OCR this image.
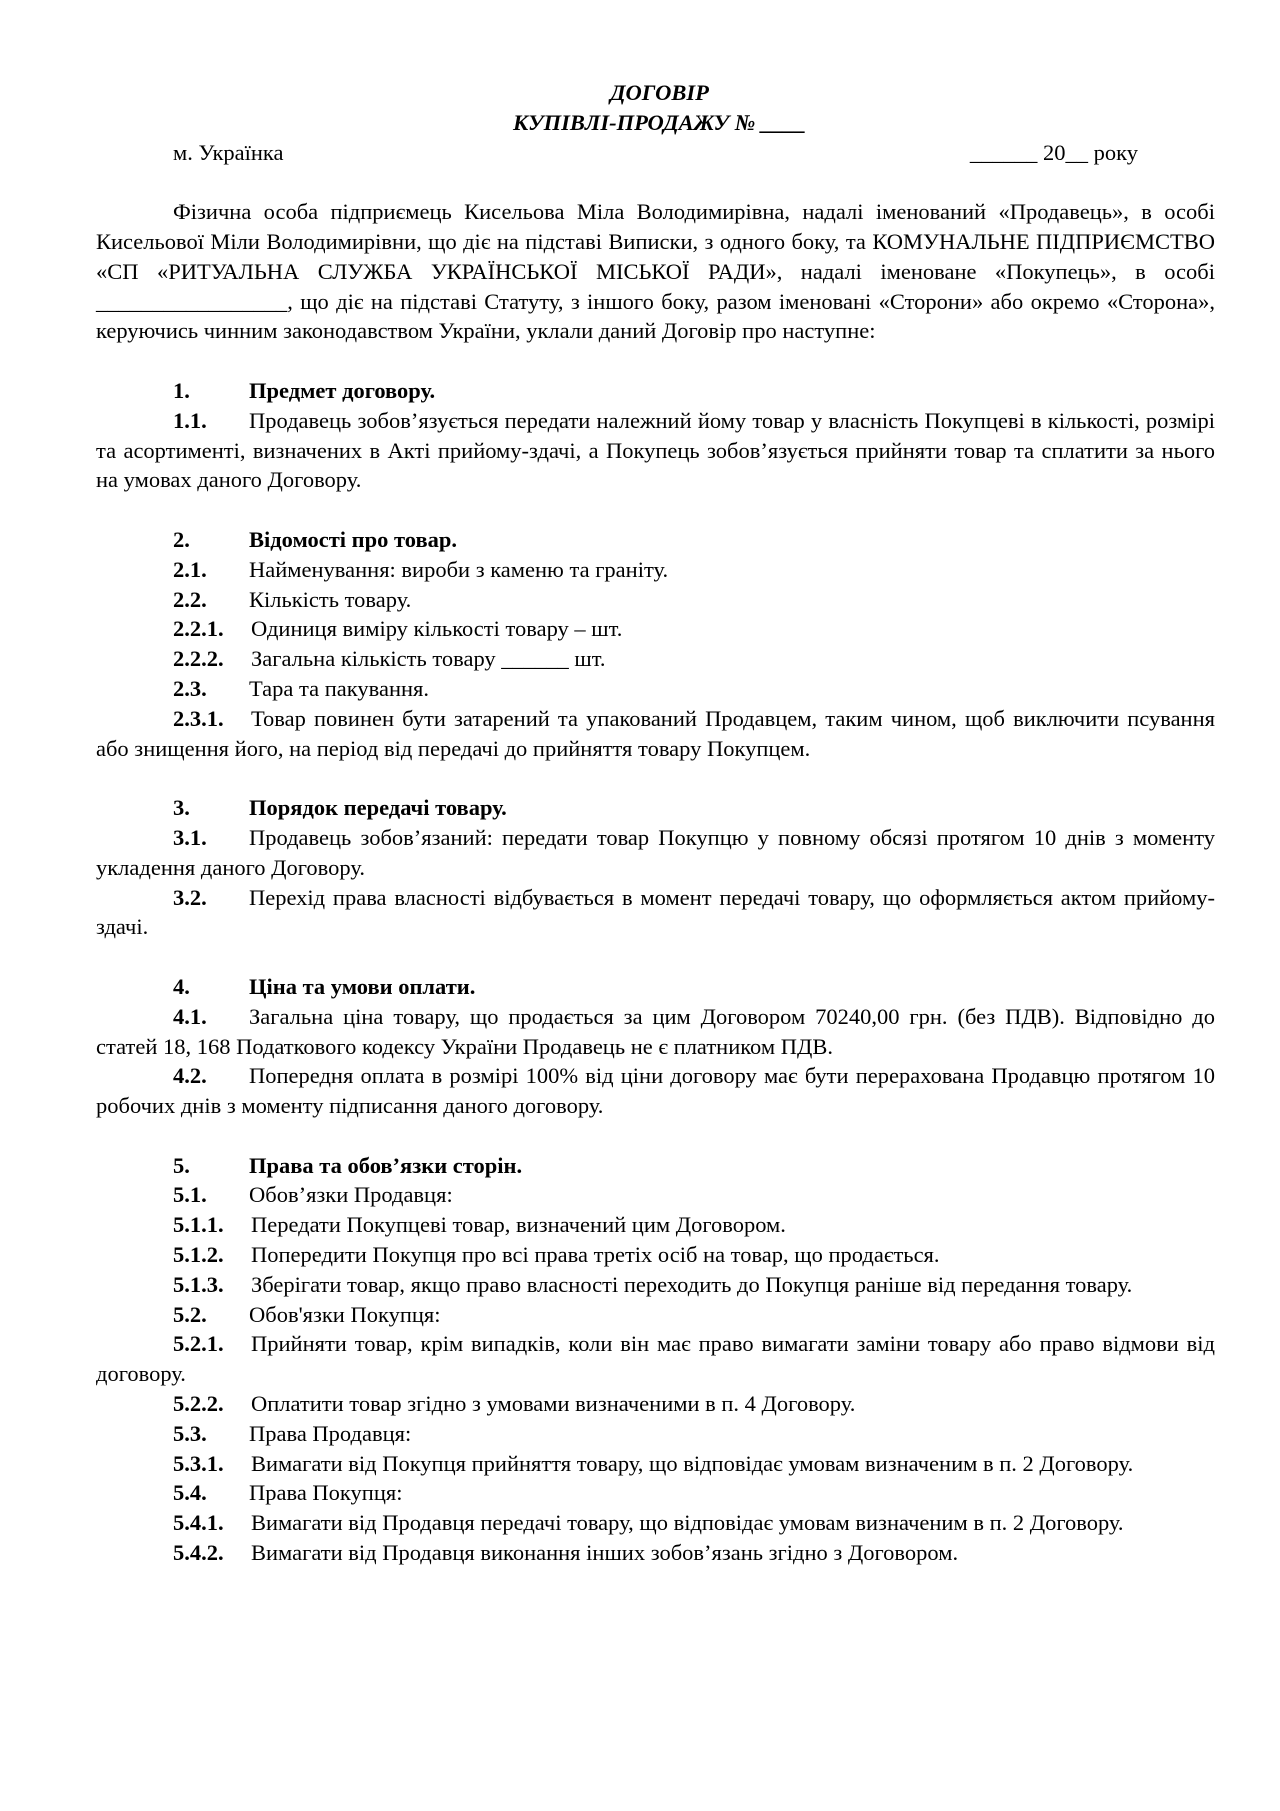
ДОГОВІР
КУПІВЛІ-ПРОДАЖУ № ____
м. Українка	______ 20__ року

Фізична особа підприємець Кисельова Міла Володимирівна, надалі іменований «Продавець», в особі Кисельової Міли Володимирівни, що діє на підставі Виписки, з одного боку, та КОМУНАЛЬНЕ ПІДПРИЄМСТВО «СП «РИТУАЛЬНА СЛУЖБА УКРАЇНСЬКОЇ МІСЬКОЇ РАДИ», надалі іменоване «Покупець», в особі _________________, що діє на підставі Статуту, з іншого боку, разом іменовані «Сторони» або окремо «Сторона», керуючись чинним законодавством України, уклали даний Договір про наступне:

1.	Предмет договору.

1.1. Продавець зобов’язується передати належний йому товар у власність Покупцеві в кількості, розмірі та асортименті, визначених в Акті прийому-здачі, а Покупець зобов’язується прийняти товар та сплатити за нього на умовах даного Договору.

2.	Відомості про товар.

2.1. Найменування: вироби з каменю та граніту.

2.2. Кількість товару.

2.2.1. Одиниця виміру кількості товару – шт.

2.2.2. Загальна кількість товару ______ шт.

2.3. Тара та пакування.

2.3.1. Товар повинен бути затарений та упакований Продавцем, таким чином, щоб виключити псування або знищення його, на період від передачі до прийняття товару Покупцем.

3.	Порядок передачі товару.

3.1. Продавець зобов’язаний: передати товар Покупцю у повному обсязі протягом 10 днів з моменту укладення даного Договору.

3.2. Перехід права власності відбувається в момент передачі товару, що оформляється актом прийому-здачі.

4.	Ціна та умови оплати.

4.1. Загальна ціна товару, що продається за цим Договором 70240,00 грн. (без ПДВ). Відповідно до статей 18, 168 Податкового кодексу України Продавець не є платником ПДВ.

4.2. Попередня оплата в розмірі 100% від ціни договору має бути перерахована Продавцю протягом 10 робочих днів з моменту підписання даного договору.

5.	Права та обов’язки сторін.

5.1. Обов’язки Продавця:

5.1.1. Передати Покупцеві товар, визначений цим Договором.

5.1.2. Попередити Покупця про всі права третіх осіб на товар, що продається.

5.1.3. Зберігати товар, якщо право власності переходить до Покупця раніше від передання товару.

5.2. Обов'язки Покупця:

5.2.1. Прийняти товар, крім випадків, коли він має право вимагати заміни товару або право відмови від договору.

5.2.2. Оплатити товар згідно з умовами визначеними в п. 4 Договору.

5.3. Права Продавця:

5.3.1. Вимагати від Покупця прийняття товару, що відповідає умовам визначеним в п. 2 Договору.

5.4. Права Покупця:

5.4.1. Вимагати від Продавця передачі товару, що відповідає умовам визначеним в п. 2 Договору.

5.4.2. Вимагати від Продавця виконання інших зобов’язань згідно з Договором.
